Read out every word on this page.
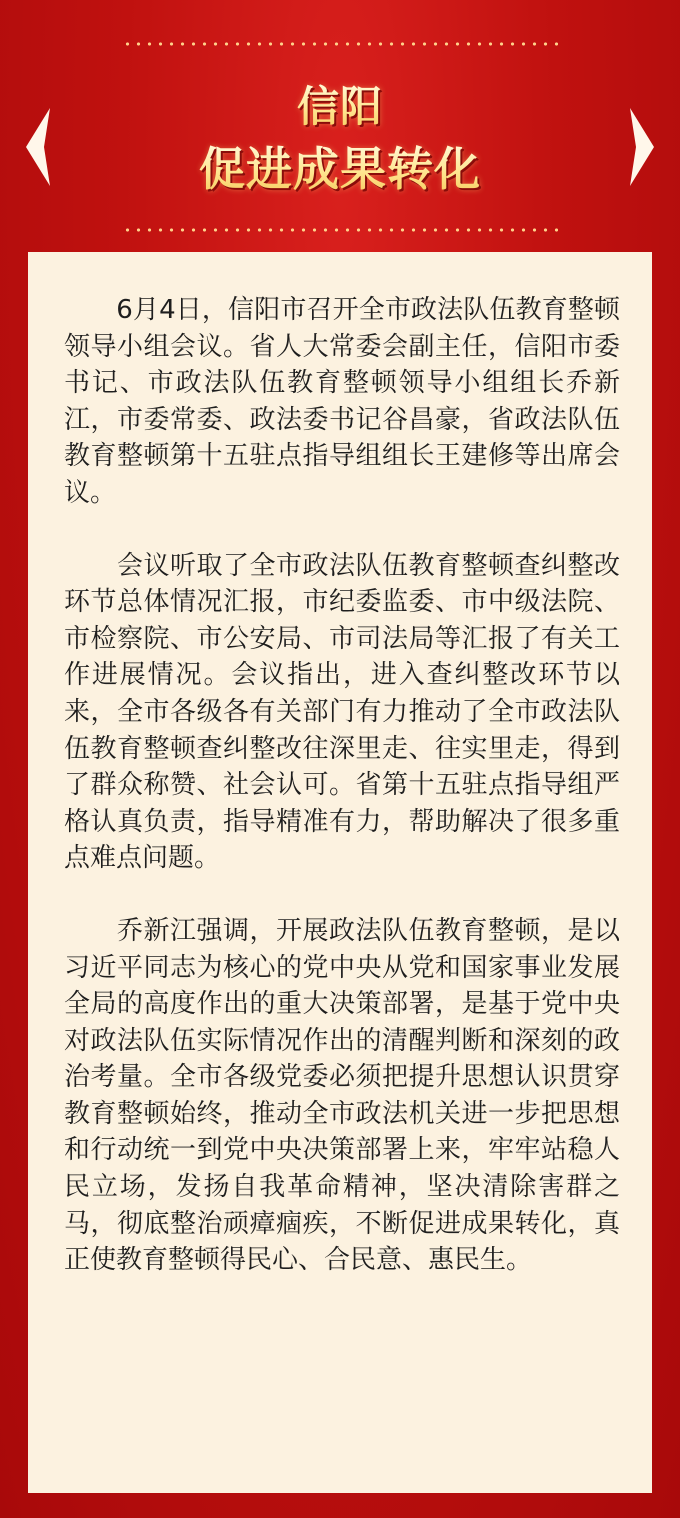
信阳
促进成果转化

　　6月4日，信阳市召开全市政法队伍教育整顿领导小组会议。省人大常委会副主任，信阳市委书记、市政法队伍教育整顿领导小组组长乔新江，市委常委、政法委书记谷昌豪，省政法队伍教育整顿第十五驻点指导组组长王建修等出席会议。

　　会议听取了全市政法队伍教育整顿查纠整改环节总体情况汇报，市纪委监委、市中级法院、市检察院、市公安局、市司法局等汇报了有关工作进展情况。会议指出，进入查纠整改环节以来，全市各级各有关部门有力推动了全市政法队伍教育整顿查纠整改往深里走、往实里走，得到了群众称赞、社会认可。省第十五驻点指导组严格认真负责，指导精准有力，帮助解决了很多重点难点问题。

　　乔新江强调，开展政法队伍教育整顿，是以习近平同志为核心的党中央从党和国家事业发展全局的高度作出的重大决策部署，是基于党中央对政法队伍实际情况作出的清醒判断和深刻的政治考量。全市各级党委必须把提升思想认识贯穿教育整顿始终，推动全市政法机关进一步把思想和行动统一到党中央决策部署上来，牢牢站稳人民立场，发扬自我革命精神，坚决清除害群之马，彻底整治顽瘴痼疾，不断促进成果转化，真正使教育整顿得民心、合民意、惠民生。
